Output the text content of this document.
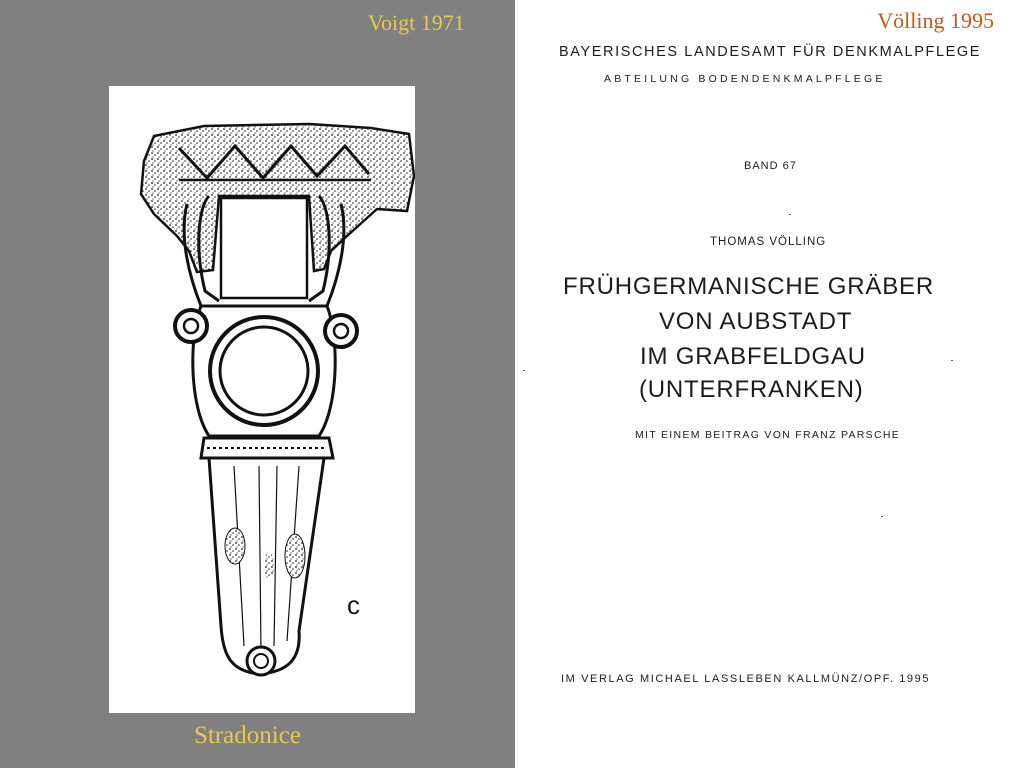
Voigt 1971
c
Stradonice
Völling 1995
BAYERISCHES LANDESAMT FÜR DENKMALPFLEGE
ABTEILUNG BODENDENKMALPFLEGE
BAND 67
THOMAS VÖLLING
FRÜHGERMANISCHE GRÄBER
VON AUBSTADT
IM GRABFELDGAU
(UNTERFRANKEN)
MIT EINEM BEITRAG VON FRANZ PARSCHE
IM VERLAG MICHAEL LASSLEBEN KALLMÜNZ/OPF. 1995
